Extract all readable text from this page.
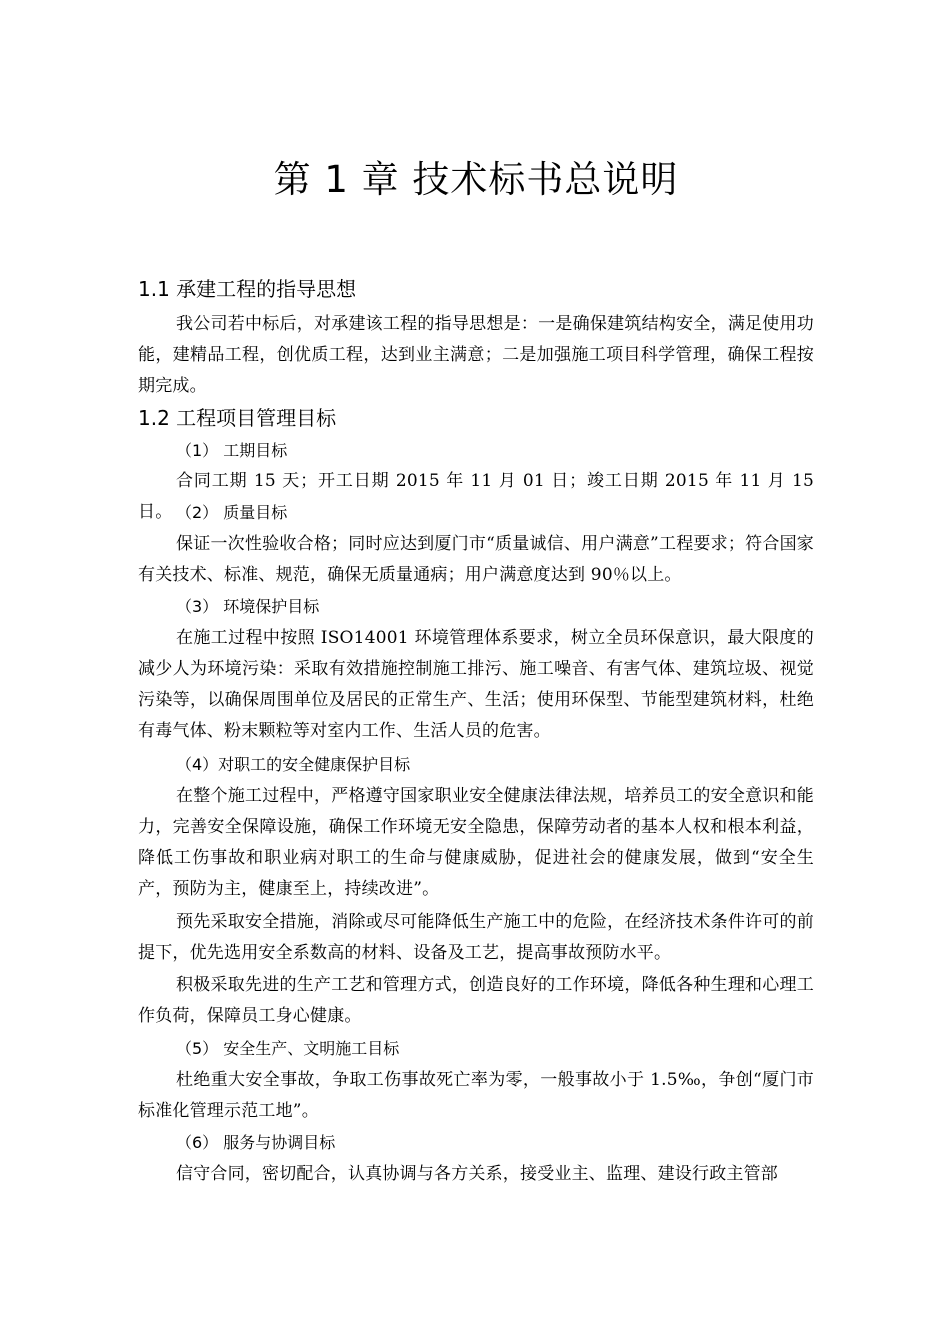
第 1 章 技术标书总说明
1.1 承建工程的指导思想
我公司若中标后，对承建该工程的指导思想是：一是确保建筑结构安全，满足使用功能，建精品工程，创优质工程，达到业主满意；二是加强施工项目科学管理，确保工程按期完成。
1.2 工程项目管理目标
（1） 工期目标
合同工期 15 天；开工日期 2015 年 11 月 01 日；竣工日期 2015 年 11 月 15 日。 （2） 质量目标
保证一次性验收合格；同时应达到厦门市“质量诚信、用户满意”工程要求；符合国家有关技术、标准、规范，确保无质量通病；用户满意度达到 90％以上。
（3） 环境保护目标
在施工过程中按照 ISO14001 环境管理体系要求，树立全员环保意识，最大限度的减少人为环境污染：采取有效措施控制施工排污、施工噪音、有害气体、建筑垃圾、视觉污染等，以确保周围单位及居民的正常生产、生活；使用环保型、节能型建筑材料，杜绝有毒气体、粉末颗粒等对室内工作、生活人员的危害。
（4）对职工的安全健康保护目标
在整个施工过程中，严格遵守国家职业安全健康法律法规，培养员工的安全意识和能力，完善安全保障设施，确保工作环境无安全隐患，保障劳动者的基本人权和根本利益，降低工伤事故和职业病对职工的生命与健康威胁，促进社会的健康发展，做到“安全生产，预防为主，健康至上，持续改进”。
预先采取安全措施，消除或尽可能降低生产施工中的危险，在经济技术条件许可的前提下，优先选用安全系数高的材料、设备及工艺，提高事故预防水平。
积极采取先进的生产工艺和管理方式，创造良好的工作环境，降低各种生理和心理工作负荷，保障员工身心健康。
（5） 安全生产、文明施工目标
杜绝重大安全事故，争取工伤事故死亡率为零，一般事故小于 1.5‰，争创“厦门市标准化管理示范工地”。
（6） 服务与协调目标
信守合同，密切配合，认真协调与各方关系，接受业主、监理、建设行政主管部
